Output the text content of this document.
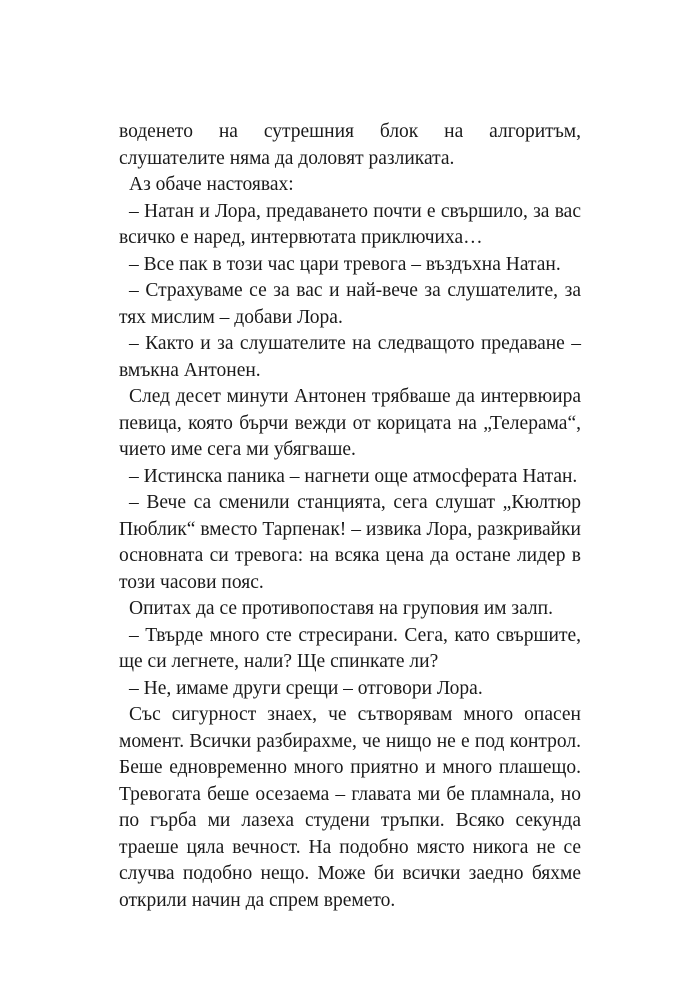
воденето на сутрешния блок на алгоритъм, слушателите няма да доловят разликата.

Аз обаче настоявах:

– Натан и Лора, предаването почти е свършило, за вас всичко е наред, интервютата приключиха…

– Все пак в този час цари тревога – въздъхна Натан.

– Страхуваме се за вас и най-вече за слушателите, за тях мислим – добави Лора.

– Както и за слушателите на следващото предаване – вмъкна Антонен.

След десет минути Антонен трябваше да интервюира певица, която бърчи вежди от корицата на „Телерама“, чието име сега ми убягваше.

– Истинска паника – нагнети още атмосферата Натан.

– Вече са сменили станцията, сега слушат „Кюлтюр Пюблик“ вместо Тарпенак! – извика Лора, разкривайки основната си тревога: на всяка цена да остане лидер в този часови пояс.

Опитах да се противопоставя на груповия им залп.

– Твърде много сте стресирани. Сега, като свършите, ще си легнете, нали? Ще спинкате ли?

– Не, имаме други срещи – отговори Лора.

Със сигурност знаех, че сътворявам много опасен момент. Всички разбирахме, че нищо не е под контрол. Беше едновременно много приятно и много плашещо. Тревогата беше осезаема – главата ми бе пламнала, но по гърба ми лазеха студени тръпки. Всяко секунда траеше цяла вечност. На подобно място никога не се случва подобно нещо. Може би всички заедно бяхме открили начин да спрем времето.
